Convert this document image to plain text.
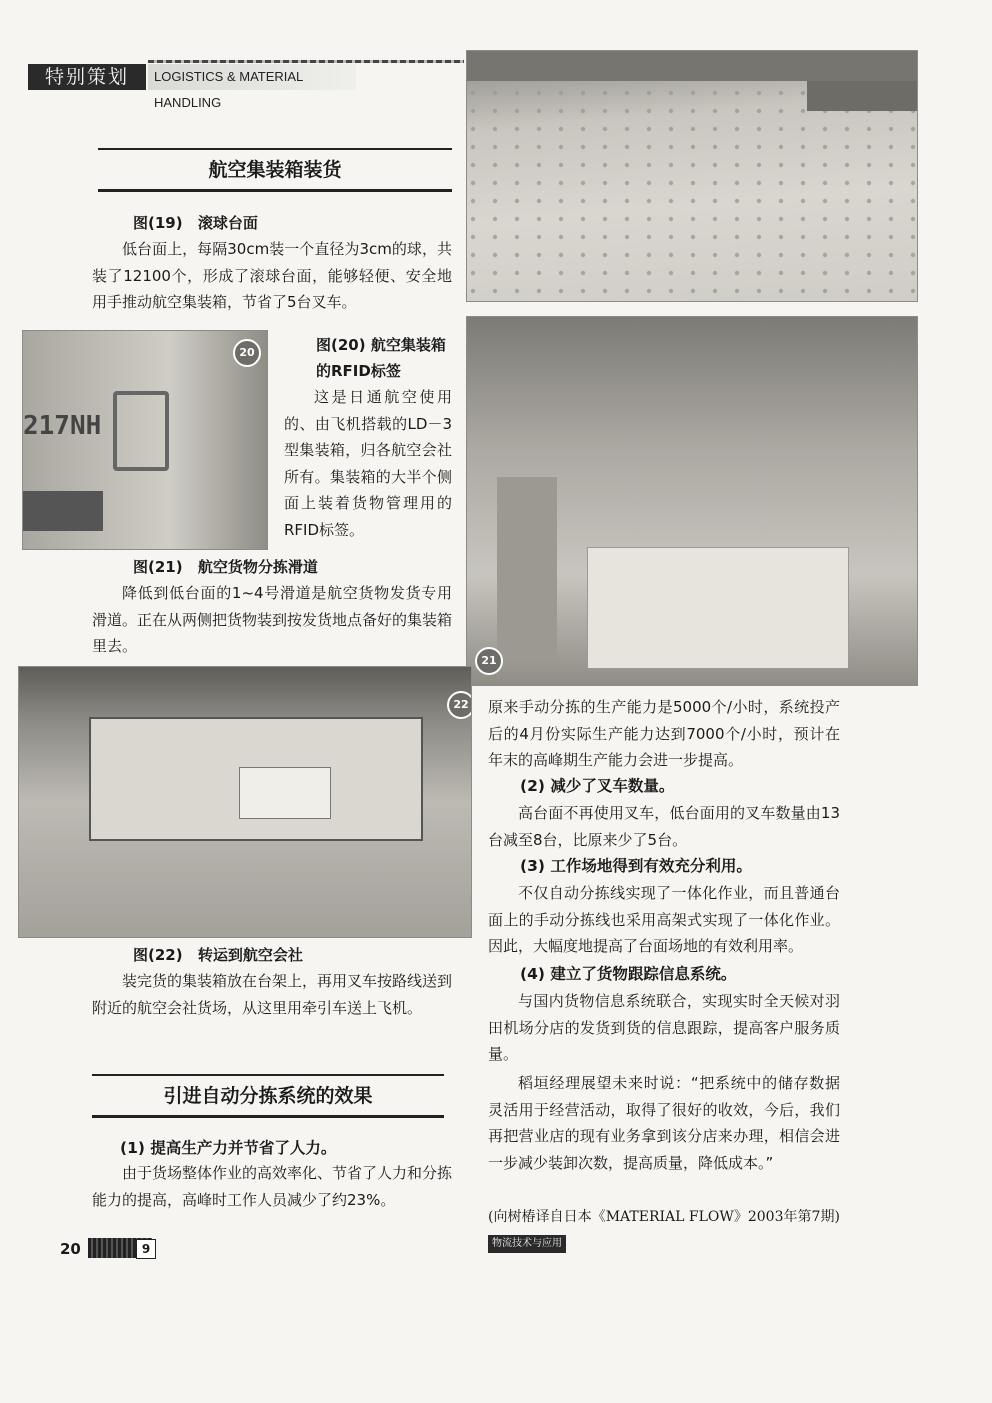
特别策划	LOGISTICS & MATERIAL HANDLING
航空集装箱装货
图(19) 滚球台面
低台面上，每隔30cm装一个直径为3cm的球，共装了12100个，形成了滚球台面，能够轻便、安全地用手推动航空集装箱，节省了5台叉车。
217NH
20	图(20) 航空集装箱的RFID标签
这是日通航空使用的、由飞机搭载的LD－3型集装箱，归各航空会社所有。集装箱的大半个侧面上装着货物管理用的RFID标签。
图(21) 航空货物分拣滑道
降低到低台面的1~4号滑道是航空货物发货专用滑道。正在从两侧把货物装到按发货地点备好的集装箱里去。
21
22
图(22) 转运到航空会社
装完货的集装箱放在台架上，再用叉车按路线送到附近的航空会社货场，从这里用牵引车送上飞机。
引进自动分拣系统的效果
(1) 提高生产力并节省了人力。
由于货场整体作业的高效率化、节省了人力和分拣能力的提高，高峰时工作人员减少了约23%。
原来手动分拣的生产能力是5000个/小时，系统投产后的4月份实际生产能力达到7000个/小时，预计在年末的高峰期生产能力会进一步提高。
(2) 减少了叉车数量。
高台面不再使用叉车，低台面用的叉车数量由13台减至8台，比原来少了5台。
(3) 工作场地得到有效充分利用。
不仅自动分拣线实现了一体化作业，而且普通台面上的手动分拣线也采用高架式实现了一体化作业。因此，大幅度地提高了台面场地的有效利用率。
(4) 建立了货物跟踪信息系统。
与国内货物信息系统联合，实现实时全天候对羽田机场分店的发货到货的信息跟踪，提高客户服务质量。
稻垣经理展望未来时说：“把系统中的储存数据灵活用于经营活动，取得了很好的收效，今后，我们再把营业店的现有业务拿到该分店来办理，相信会进一步减少装卸次数，提高质量，降低成本。”
(向树椿译自日本《MATERIAL FLOW》2003年第7期) 物流技术与应用
20	9
